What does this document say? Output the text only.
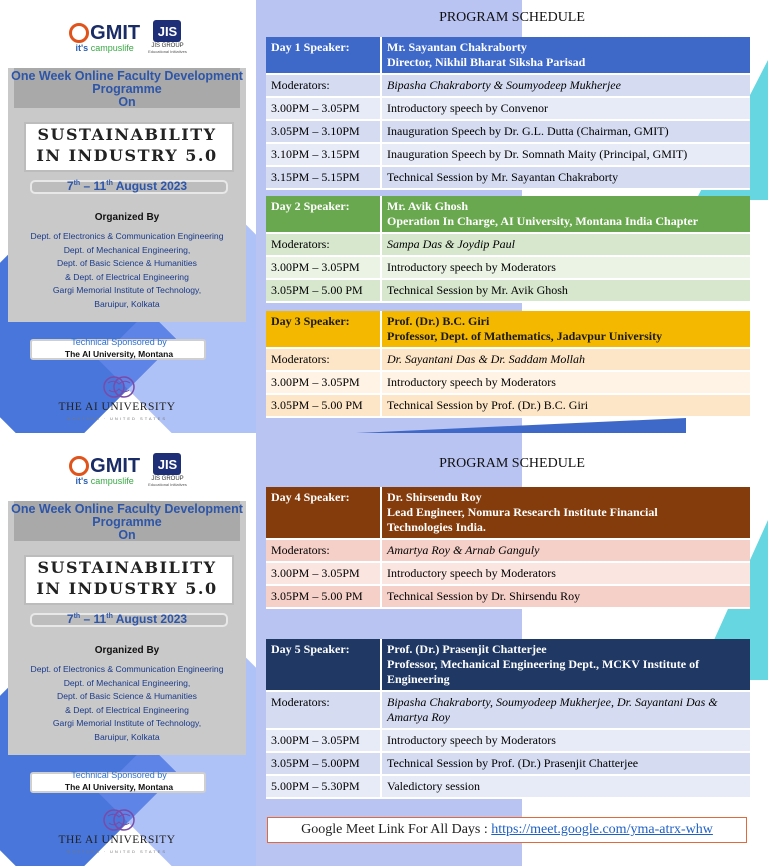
GMIT
it's campuslife
JIS
JIS GROUP
Educational Initiatives
One Week Online Faculty Development
Programme
On
SUSTAINABILITY
IN INDUSTRY 5.0
7th – 11th August 2023
Organized By
Dept. of Electronics & Communication Engineering
Dept. of Mechanical Engineering,
Dept. of Basic Science & Humanities
& Dept. of Electrical Engineering
Gargi Memorial Institute of Technology,
Baruipur, Kolkata
Technical Sponsored by
The AI University, Montana
THE AI UNIVERSITY
MONTANA · UNITED STATES
GMIT
it's campuslife
JIS
JIS GROUP
Educational Initiatives
One Week Online Faculty Development
Programme
On
SUSTAINABILITY
IN INDUSTRY 5.0
7th – 11th August 2023
Organized By
Dept. of Electronics & Communication Engineering
Dept. of Mechanical Engineering,
Dept. of Basic Science & Humanities
& Dept. of Electrical Engineering
Gargi Memorial Institute of Technology,
Baruipur, Kolkata
Technical Sponsored by
The AI University, Montana
THE AI UNIVERSITY
MONTANA · UNITED STATES
PROGRAM SCHEDULE
PROGRAM SCHEDULE
Day 1 Speaker:	Mr. Sayantan Chakraborty
Director, Nikhil Bharat Siksha Parisad

Moderators:	Bipasha Chakraborty & Soumyodeep Mukherjee
3.00PM – 3.05PM	Introductory speech by Convenor
3.05PM – 3.10PM	Inauguration Speech by Dr. G.L. Dutta (Chairman, GMIT)
3.10PM – 3.15PM	Inauguration Speech by Dr. Somnath Maity (Principal, GMIT)
3.15PM – 5.15PM	Technical Session by Mr. Sayantan Chakraborty
Day 2 Speaker:	Mr. Avik Ghosh
Operation In Charge, AI University, Montana India Chapter

Moderators:	Sampa Das & Joydip Paul
3.00PM – 3.05PM	Introductory speech by Moderators
3.05PM – 5.00 PM	Technical Session by Mr. Avik Ghosh
Day 3 Speaker:	Prof. (Dr.) B.C. Giri
Professor, Dept. of Mathematics, Jadavpur University

Moderators:	Dr. Sayantani Das & Dr. Saddam Mollah
3.00PM – 3.05PM	Introductory speech by Moderators
3.05PM – 5.00 PM	Technical Session by Prof. (Dr.) B.C. Giri
Day 4 Speaker:	Dr. Shirsendu Roy
Lead Engineer, Nomura Research Institute Financial
Technologies India.

Moderators:	Amartya Roy & Arnab Ganguly
3.00PM – 3.05PM	Introductory speech by Moderators
3.05PM – 5.00 PM	Technical Session by Dr. Shirsendu Roy
Day 5 Speaker:	Prof. (Dr.) Prasenjit Chatterjee
Professor, Mechanical Engineering Dept., MCKV Institute of
Engineering

Moderators:	Bipasha Chakraborty, Soumyodeep Mukherjee, Dr. Sayantani Das & Amartya Roy
3.00PM – 3.05PM	Introductory speech by Moderators
3.05PM – 5.00PM	Technical Session by Prof. (Dr.) Prasenjit Chatterjee
5.00PM – 5.30PM	Valedictory session
Google Meet Link For All Days : https://meet.google.com/yma-atrx-whw
